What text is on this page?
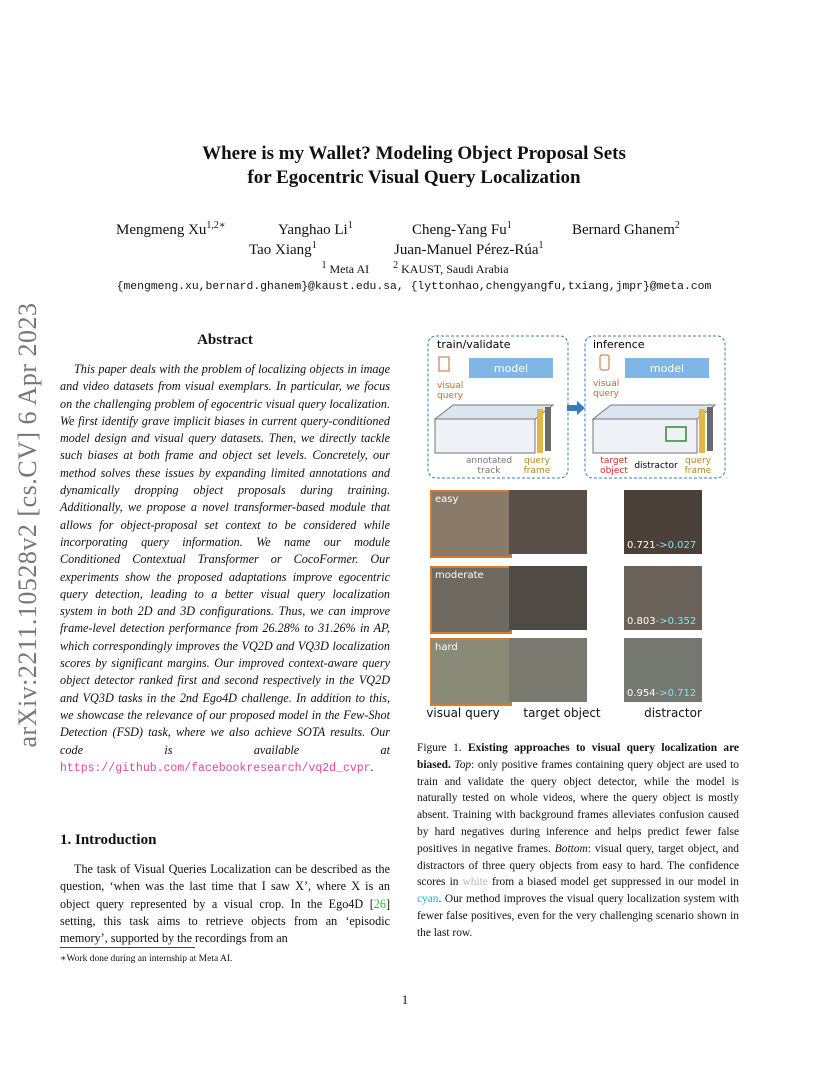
arXiv:2211.10528v2 [cs.CV] 6 Apr 2023
Where is my Wallet? Modeling Object Proposal Sets
for Egocentric Visual Query Localization
Mengmeng $Xu^{1,2∗}$	Yanghao Li$^1$	Cheng-Yang Fu$^1$	Bernard Ghanem$^2$
Tao Xiang$^1$	Juan-Manuel Pérez-Rúa$^1$
$^1$ Meta AI $^2$ KAUST, Saudi Arabia
{mengmeng.xu,bernard.ghanem}@kaust.edu.sa, {lyttonhao,chengyangfu,txiang,jmpr}@meta.com
Abstract
This paper deals with the problem of localizing objects in image and video datasets from visual exemplars. In particular, we focus on the challenging problem of egocentric visual query localization. We first identify grave implicit biases in current query-conditioned model design and visual query datasets. Then, we directly tackle such biases at both frame and object set levels. Concretely, our method solves these issues by expanding limited annotations and dynamically dropping object proposals during training. Additionally, we propose a novel transformer-based module that allows for object-proposal set context to be considered while incorporating query information. We name our module Conditioned Contextual Transformer or CocoFormer. Our experiments show the proposed adaptations improve egocentric query detection, leading to a better visual query localization system in both 2D and 3D configurations. Thus, we can improve frame-level detection performance from 26.28% to 31.26% in AP, which correspondingly improves the VQ2D and VQ3D localization scores by significant margins. Our improved context-aware query object detector ranked first and second respectively in the VQ2D and VQ3D tasks in the 2nd Ego4D challenge. In addition to this, we showcase the relevance of our proposed model in the Few-Shot Detection (FSD) task, where we also achieve SOTA results. Our code is available at https://github.com/facebookresearch/vq2d_cvpr.
1. Introduction
The task of Visual Queries Localization can be described as the question, ‘when was the last time that I saw X’, where X is an object query represented by a visual crop. In the Ego4D [26] setting, this task aims to retrieve objects from an ‘episodic memory’, supported by the recordings from an
∗Work done during an internship at Meta AI.
1
train/validate	inference
model	model
visual
query
visual
query
annotated
track
query
frame
target
object distractor query
frame
easy
0.721->0.027
moderate
0.803->0.352
hard
0.954->0.712
visual query	target object	distractor
Figure 1. Existing approaches to visual query localization are biased. Top: only positive frames containing query object are used to train and validate the query object detector, while the model is naturally tested on whole videos, where the query object is mostly absent. Training with background frames alleviates confusion caused by hard negatives during inference and helps predict fewer false positives in negative frames. Bottom: visual query, target object, and distractors of three query objects from easy to hard. The confidence scores in white from a biased model get suppressed in our model in cyan. Our method improves the visual query localization system with fewer false positives, even for the very challenging scenario shown in the last row.
